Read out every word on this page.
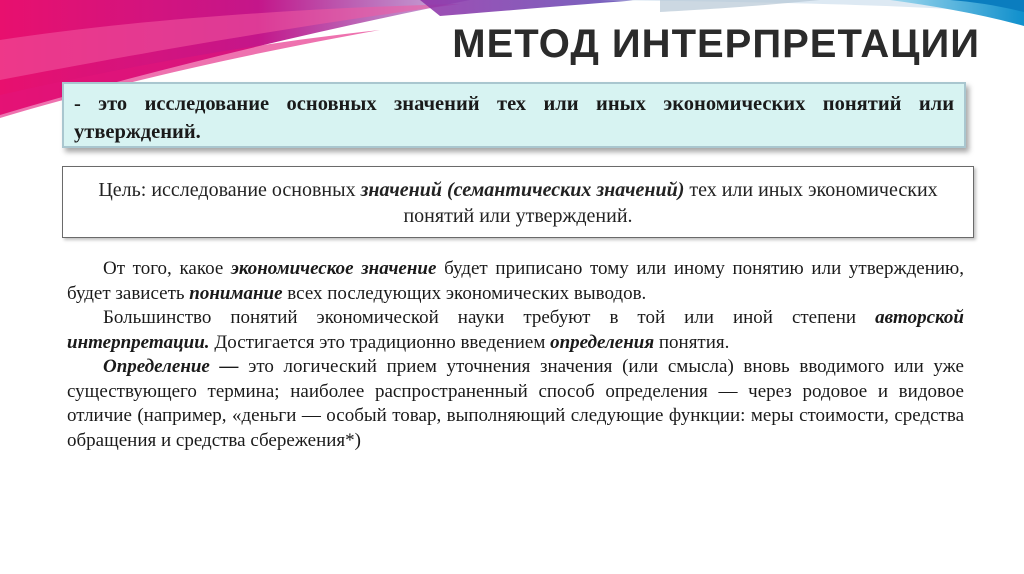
МЕТОД ИНТЕРПРЕТАЦИИ

- это исследование основных значений тех или иных экономических понятий или утверждений.

Цель: исследование основных значений (семантических значений) тех или иных экономических понятий или утверждений.

От того, какое экономическое значение будет приписано тому или иному понятию или утверждению, будет зависеть понимание всех последующих экономических выводов.

Большинство понятий экономической науки требуют в той или иной степени авторской интерпретации. Достигается это традиционно введением определения понятия.

Определение — это логический прием уточнения значения (или смысла) вновь вводимого или уже существующего термина; наиболее распространенный способ определения — через родовое и видовое отличие (например, «деньги — особый товар, выполняющий следующие функции: меры стоимости, средства обращения и средства сбережения*)
